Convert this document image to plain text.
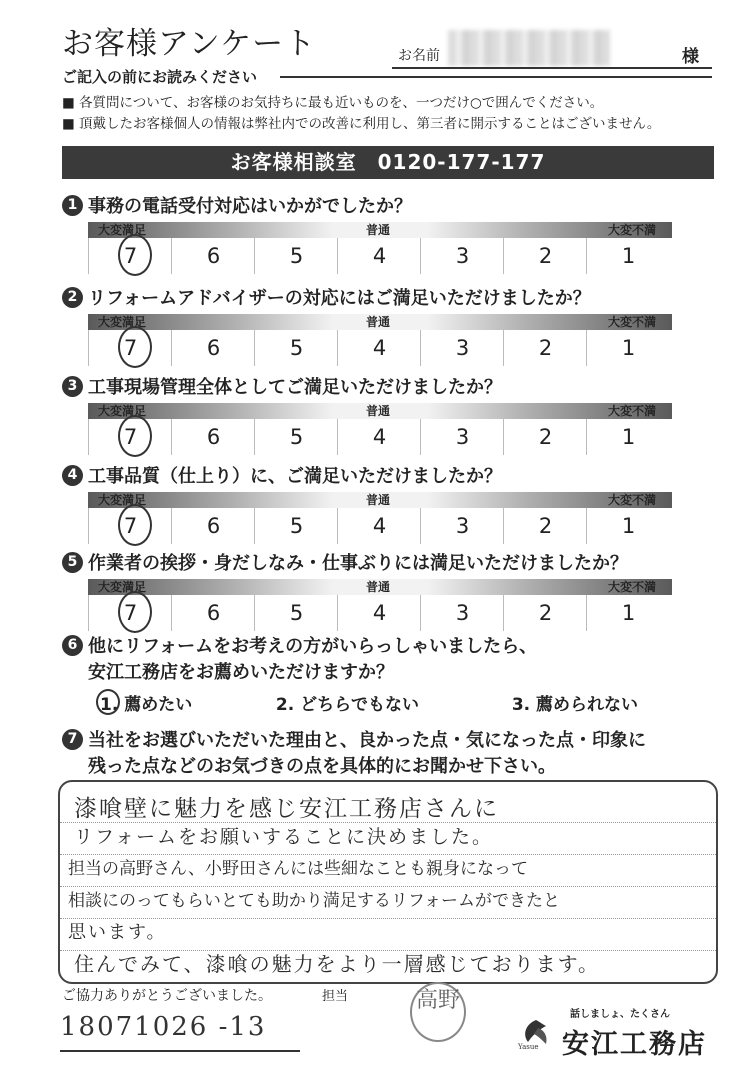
お客様アンケート	お名前	様
ご記入の前にお読みください
■ 各質問について、お客様のお気持ちに最も近いものを、一つだけ○で囲んでください。
■ 頂戴したお客様個人の情報は弊社内での改善に利用し、第三者に開示することはございません。
お客様相談室　0120-177-177
1 事務の電話受付対応はいかがでしたか？
大変満足	普通	大変不満
7	6	5	4	3	2	1
2 リフォームアドバイザーの対応にはご満足いただけましたか？
大変満足	普通	大変不満
7	6	5	4	3	2	1
3 工事現場管理全体としてご満足いただけましたか？
大変満足	普通	大変不満
7	6	5	4	3	2	1
4 工事品質（仕上り）に、ご満足いただけましたか？
大変満足	普通	大変不満
7	6	5	4	3	2	1
5 作業者の挨拶・身だしなみ・仕事ぶりには満足いただけましたか？
大変満足	普通	大変不満
7	6	5	4	3	2	1
6 他にリフォームをお考えの方がいらっしゃいましたら、
安江工務店をお薦めいただけますか？
1. 薦めたい	2. どちらでもない	3. 薦められない
7 当社をお選びいただいた理由と、良かった点・気になった点・印象に
残った点などのお気づきの点を具体的にお聞かせ下さい。
漆喰壁に魅力を感じ安江工務店さんに
リフォームをお願いすることに決めました。
担当の高野さん、小野田さんには些細なことも親身になって
相談にのってもらいとても助かり満足するリフォームができたと
思います。
住んでみて、漆喰の魅力をより一層感じております。
ご協力ありがとうございました。	担当
18071026 -13
高野
Yasue
話しましょ、たくさん
安江工務店
